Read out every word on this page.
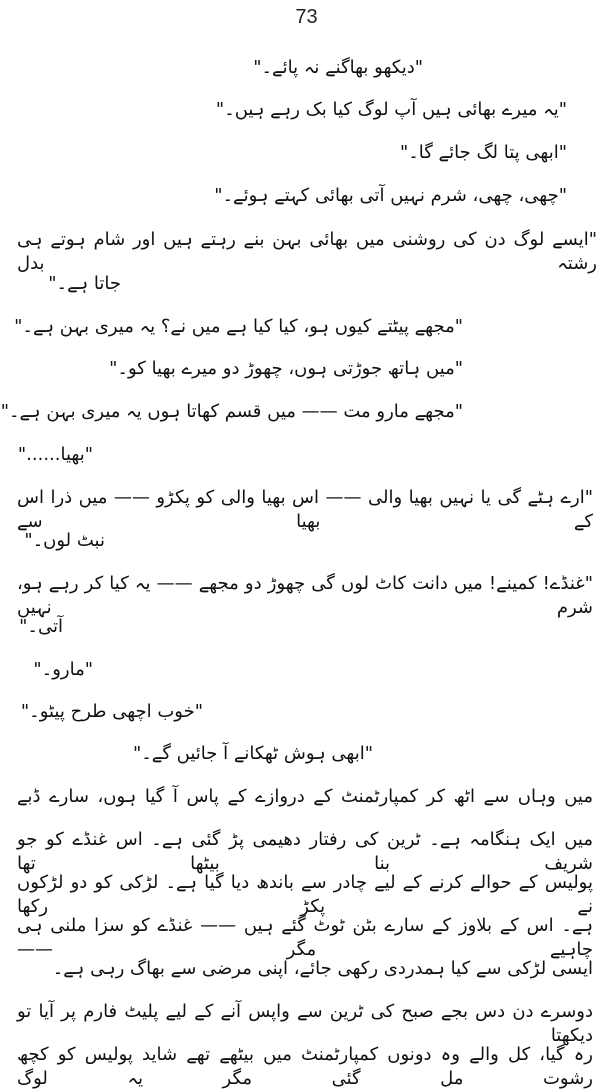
73
"دیکھو بھاگنے نہ پائے۔"
"یہ میرے بھائی ہیں آپ لوگ کیا بک رہے ہیں۔"
"ابھی پتا لگ جائے گا۔"
"چھی، چھی، شرم نہیں آتی بھائی کہتے ہوئے۔"
"ایسے لوگ دن کی روشنی میں بھائی بہن بنے رہتے ہیں اور شام ہوتے ہی رشتہ بدل
جاتا ہے۔"
"مجھے پیٹتے کیوں ہو، کیا کیا ہے میں نے؟ یہ میری بہن ہے۔"
"میں ہاتھ جوڑتی ہوں، چھوڑ دو میرے بھیا کو۔"
"مجھے مارو مت —— میں قسم کھاتا ہوں یہ میری بہن ہے۔"
"بھیا......"
"ارے ہٹے گی یا نہیں بھیا والی —— اس بھیا والی کو پکڑو —— میں ذرا اس کے بھیا سے
نبٹ لوں۔"
"غنڈے! کمینے! میں دانت کاٹ لوں گی چھوڑ دو مجھے —— یہ کیا کر رہے ہو، شرم نہیں
آتی۔"
"مارو۔"
"خوب اچھی طرح پیٹو۔"
"ابھی ہوش ٹھکانے آ جائیں گے۔"
میں وہاں سے اٹھ کر کمپارٹمنٹ کے دروازے کے پاس آ گیا ہوں، سارے ڈبے
میں ایک ہنگامہ ہے۔ ٹرین کی رفتار دھیمی پڑ گئی ہے۔ اس غنڈے کو جو شریف بنا بیٹھا تھا
پولیس کے حوالے کرنے کے لیے چادر سے باندھ دیا گیا ہے۔ لڑکی کو دو لڑکوں نے پکڑ رکھا
ہے۔ اس کے بلاوز کے سارے بٹن ٹوٹ گئے ہیں —— غنڈے کو سزا ملنی ہی چاہیے مگر ——
ایسی لڑکی سے کیا ہمدردی رکھی جائے، اپنی مرضی سے بھاگ رہی ہے۔
دوسرے دن دس بجے صبح کی ٹرین سے واپس آنے کے لیے پلیٹ فارم پر آیا تو دیکھتا
رہ گیا، کل والے وہ دونوں کمپارٹمنٹ میں بیٹھے تھے شاید پولیس کو کچھ رشوت مل گئی مگر یہ لوگ
